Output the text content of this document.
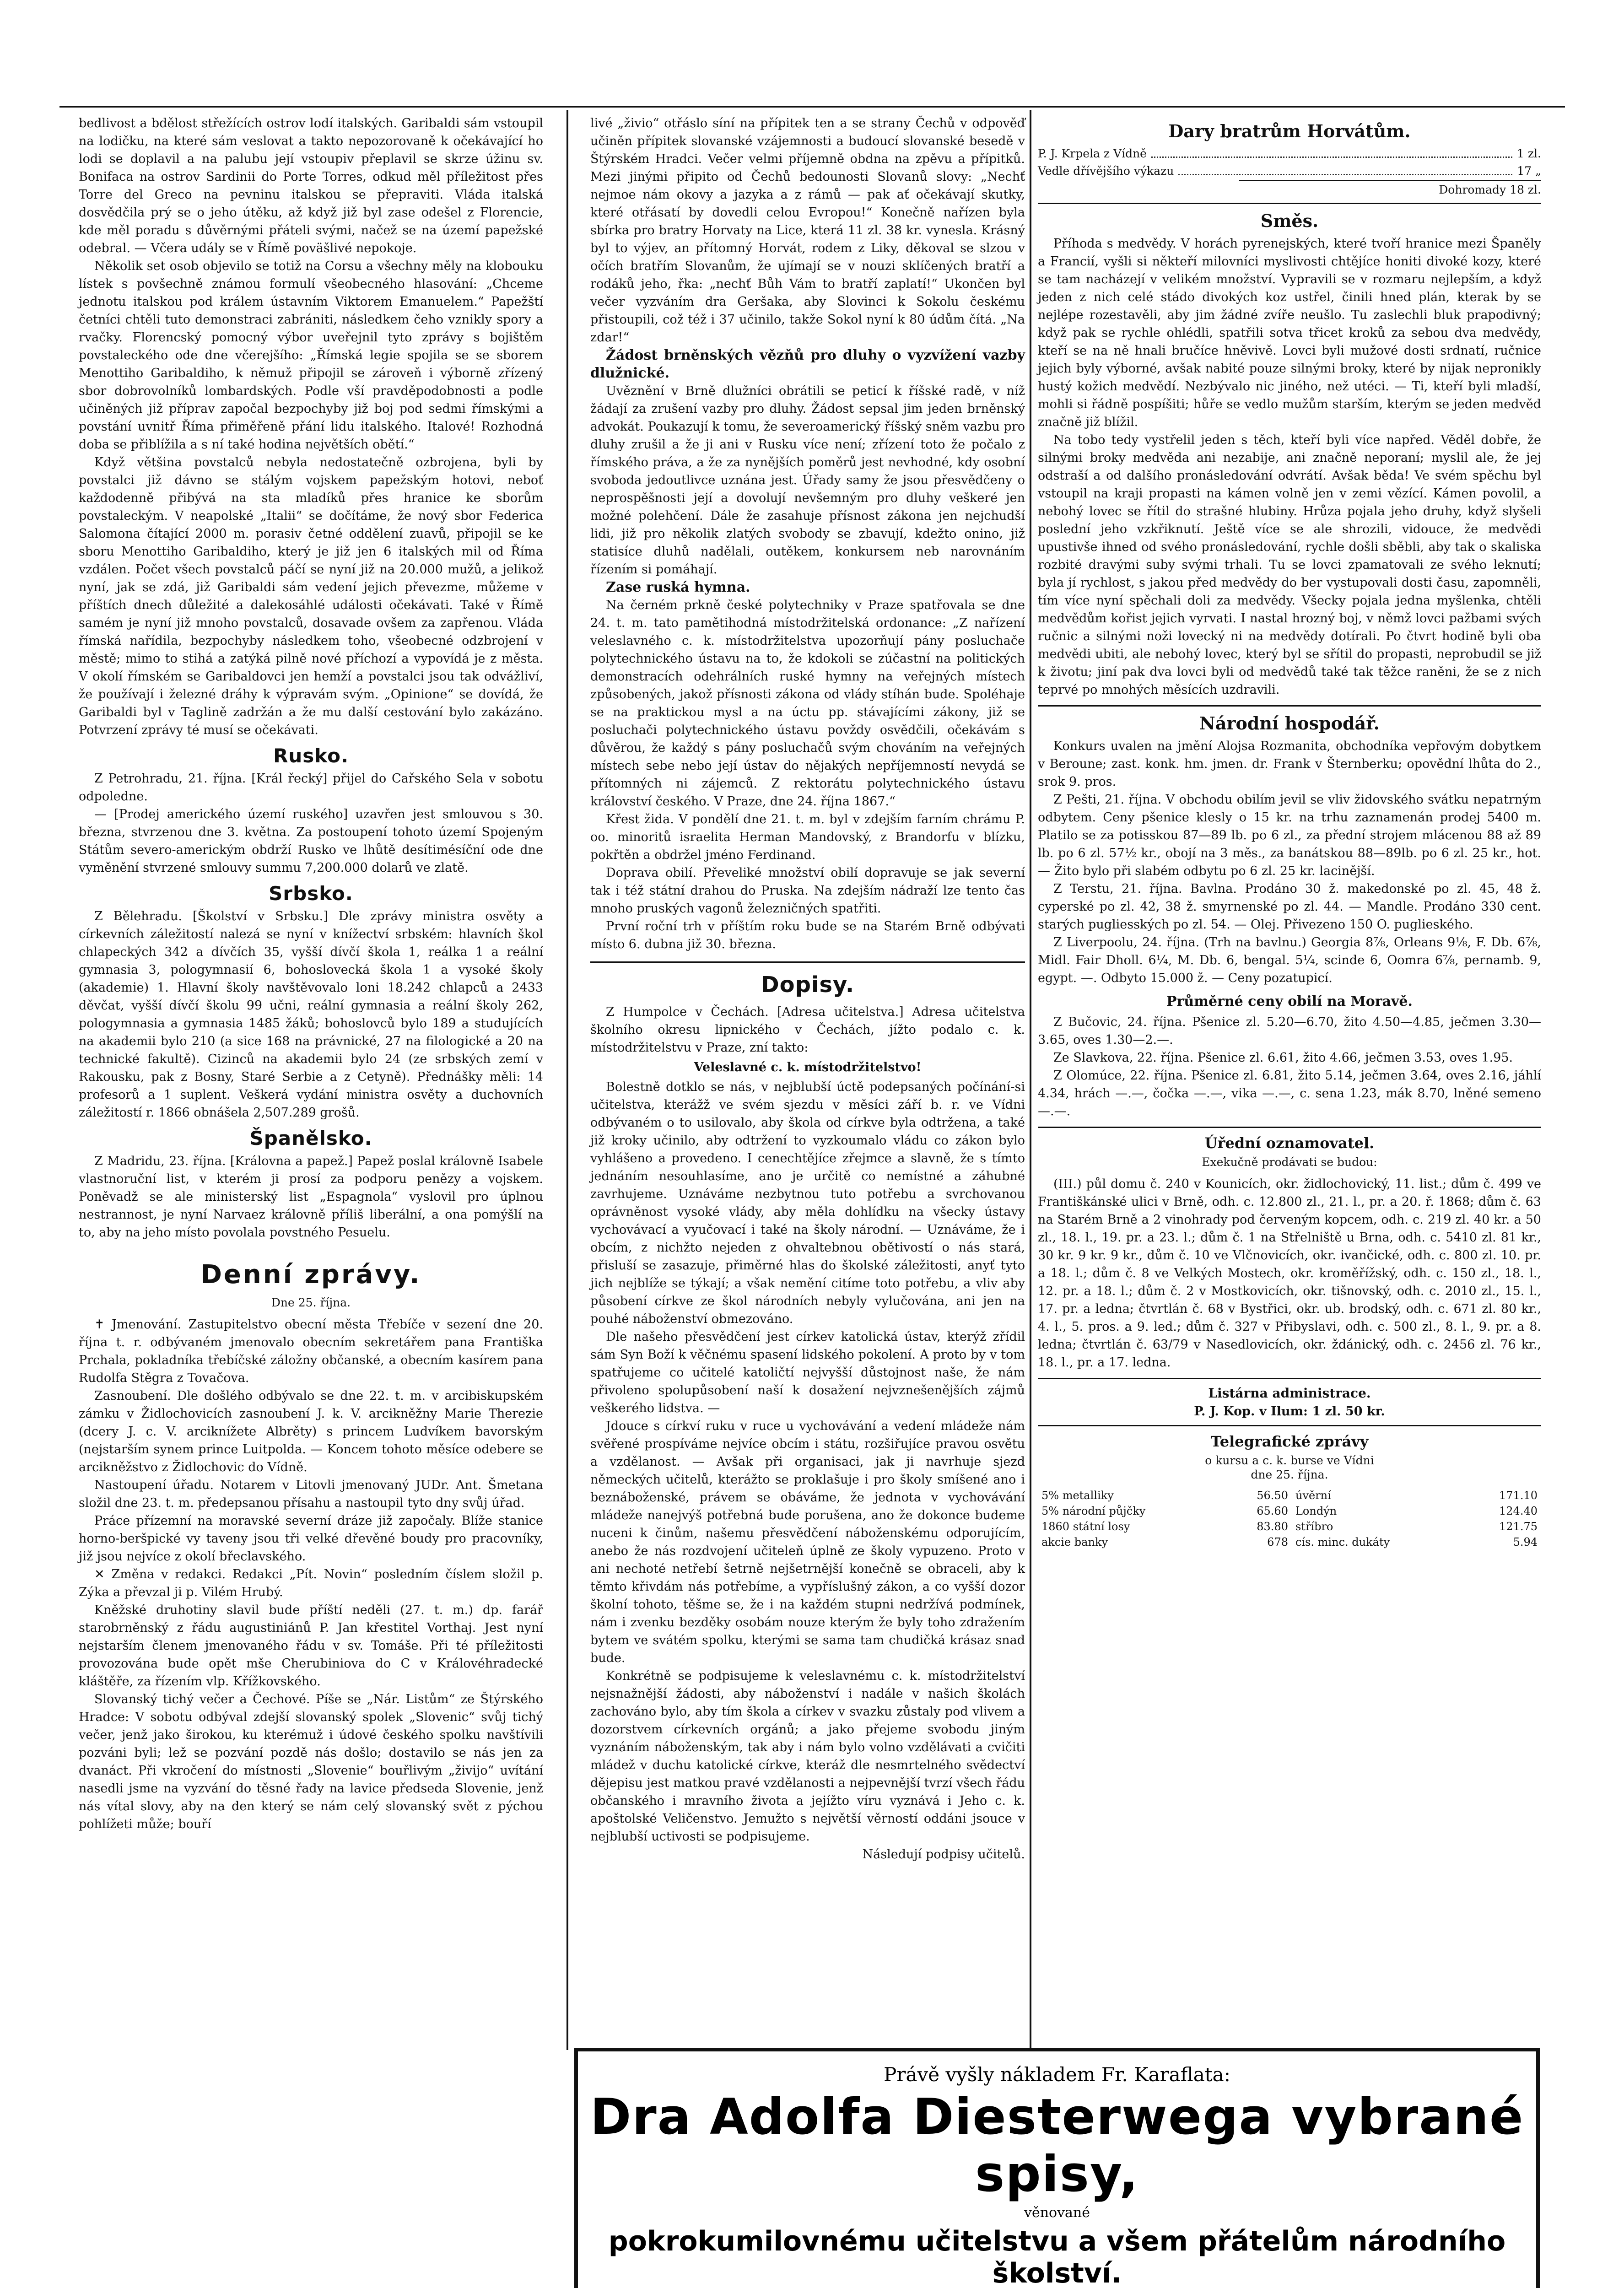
bedlivost a bdělost střežících ostrov lodí italských. Garibaldi sám vstoupil na lodičku, na které sám veslovat a takto nepozorovaně k očekávající ho lodi se doplavil a na palubu její vstoupiv přeplavil se skrze úžinu sv. Bonifaca na ostrov Sardinii do Porte Torres, odkud měl příležitost přes Torre del Greco na pevninu italskou se přepraviti. Vláda italská dosvědčila prý se o jeho útěku, až když již byl zase odešel z Florencie, kde měl poradu s důvěrnými přáteli svými, načež se na území papežské odebral. — Včera udály se v Římě poväšlivé nepokoje.

Několik set osob objevilo se totiž na Corsu a všechny měly na klobouku lístek s povšechně známou formulí všeobecného hlasování: „Chceme jednotu italskou pod králem ústavním Viktorem Emanuelem.“ Papežští četníci chtěli tuto demonstraci zabrániti, následkem čeho vznikly spory a rvačky. Florencský pomocný výbor uveřejnil tyto zprávy s bojištěm povstaleckého ode dne včerejšího: „Římská legie spojila se se sborem Menottiho Garibaldiho, k němuž připojil se zároveň i výborně zřízený sbor dobrovolníků lombardských. Podle vší pravděpodobnosti a podle učiněných již příprav započal bezpochyby již boj pod sedmi římskými a povstání uvnitř Říma přiměřeně přání lidu italského. Italové! Rozhodná doba se přiblížila a s ní také hodina největších obětí.“

Když většina povstalců nebyla nedostatečně ozbrojena, byli by povstalci již dávno se stálým vojskem papežským hotovi, neboť každodenně přibývá na sta mladíků přes hranice ke sborům povstaleckým. V neapolské „Italii“ se dočítáme, že nový sbor Federica Salomona čítající 2000 m. porasiv četné oddělení zuavů, připojil se ke sboru Menottiho Garibaldiho, který je již jen 6 italských mil od Říma vzdálen. Počet všech povstalců páčí se nyní již na 20.000 mužů, a jelikož nyní, jak se zdá, již Garibaldi sám vedení jejich převezme, můžeme v příštích dnech důležité a dalekosáhlé události očekávati. Také v Římě samém je nyní již mnoho povstalců, dosavade ovšem za zapřenou. Vláda římská nařídila, bezpochyby následkem toho, všeobecné odzbrojení v městě; mimo to stihá a zatýká pilně nové příchozí a vypovídá je z města. V okolí římském se Garibaldovci jen hemží a povstalci jsou tak odvážliví, že používají i železné dráhy k výpravám svým. „Opinione“ se dovídá, že Garibaldi byl v Taglině zadržán a že mu další cestování bylo zakázáno. Potvrzení zprávy té musí se očekávati.

Rusko.

Z Petrohradu, 21. října. [Král řecký] přijel do Cařského Sela v sobotu odpoledne.

— [Prodej amerického území ruského] uzavřen jest smlouvou s 30. března, stvrzenou dne 3. května. Za postoupení tohoto území Spojeným Státům severo-americkým obdrží Rusko ve lhůtě desítimésíční ode dne vyměnění stvrzené smlouvy summu 7,200.000 dolarů ve zlatě.

Srbsko.

Z Bělehradu. [Školství v Srbsku.] Dle zprávy ministra osvěty a církevních záležitostí nalezá se nyní v knížectví srbském: hlavních škol chlapeckých 342 a dívčích 35, vyšší dívčí škola 1, reálka 1 a reální gymnasia 3, pologymnasií 6, bohoslovecká škola 1 a vysoké školy (akademie) 1. Hlavní školy navštěvovalo loni 18.242 chlapců a 2433 děvčat, vyšší dívčí školu 99 učni, reální gymnasia a reální školy 262, pologymnasia a gymnasia 1485 žáků; bohoslovců bylo 189 a studujících na akademii bylo 210 (a sice 168 na právnické, 27 na filologické a 20 na technické fakultě). Cizinců na akademii bylo 24 (ze srbských zemí v Rakousku, pak z Bosny, Staré Serbie a z Cetyně). Přednášky měli: 14 profesorů a 1 suplent. Veškerá vydání ministra osvěty a duchovních záležitostí r. 1866 obnášela 2,507.289 grošů.

Španělsko.

Z Madridu, 23. října. [Královna a papež.] Papež poslal královně Isabele vlastnoruční list, v kterém ji prosí za podporu penězy a vojskem. Poněvadž se ale ministerský list „Espagnola“ vyslovil pro úplnou nestrannost, je nyní Narvaez královně příliš liberální, a ona pomýšlí na to, aby na jeho místo povolala povstného Pesuelu.

Denní zprávy.
Dne 25. října.

✝ Jmenování. Zastupitelstvo obecní města Třebíče v sezení dne 20. října t. r. odbývaném jmenovalo obecním sekretářem pana Františka Prchala, pokladníka třebíčské záložny občanské, a obecním kasírem pana Rudolfa Stěgra z Tovačova.

Zasnoubení. Dle došlého odbývalo se dne 22. t. m. v arcibiskupském zámku v Židlochovicích zasnoubení J. k. V. arcikněžny Marie Therezie (dcery J. c. V. arciknížete Albrěty) s princem Ludvíkem bavorským (nejstarším synem prince Luitpolda. — Koncem tohoto měsíce odebere se arcikněžstvo z Židlochovic do Vídně.

Nastoupení úřadu. Notarem v Litovli jmenovaný JUDr. Ant. Šmetana složil dne 23. t. m. předepsanou přísahu a nastoupil tyto dny svůj úřad.

Práce přízemní na moravské severní dráze již započaly. Blíže stanice horno-beršpické vy taveny jsou tři velké dřevěné boudy pro pracovníky, již jsou nejvíce z okolí břeclavského.

✕ Změna v redakci. Redakci „Pít. Novin“ posledním číslem složil p. Zýka a převzal ji p. Vilém Hrubý.

Kněžské druhotiny slavil bude příští neděli (27. t. m.) dp. farář starobrněnský z řádu augustiniánů P. Jan křestitel Vorthaj. Jest nyní nejstarším členem jmenovaného řádu v sv. Tomáše. Při té příležitosti provozována bude opět mše Cherubiniova do C v Královéhradecké kláštěře, za řízením vlp. Křížkovského.

Slovanský tichý večer a Čechové. Píše se „Nár. Listům“ ze Štýrského Hradce: V sobotu odbýval zdejší slovanský spolek „Slovenic“ svůj tichý večer, jenž jako širokou, ku kterémuž i údové českého spolku navštívili pozváni byli; lež se pozvání pozdě nás došlo; dostavilo se nás jen za dvanáct. Při vkročení do místnosti „Slovenie“ bouřlivým „živijo“ uvítání nasedli jsme na vyzvání do těsné řady na lavice předseda Slovenie, jenž nás vítal slovy, aby na den který se nám celý slovanský svět z pýchou pohlížeti může; bouří

livé „živio“ otřáslo síní na přípitek ten a se strany Čechů v odpověď učiněn přípitek slovanské vzájemnosti a budoucí slovanské besedě v Štýrském Hradci. Večer velmi příjemně obdna na zpěvu a přípitků. Mezi jinými připito od Čechů bedounosti Slovanů slovy: „Nechť nejmoe nám okovy a jazyka a z rámů — pak ať očekávají skutky, které otřásatí by dovedli celou Evropou!“ Konečně nařízen byla sbírka pro bratry Horvaty na Lice, která 11 zl. 38 kr. vynesla. Krásný byl to výjev, an přítomný Horvát, rodem z Liky, děkoval se slzou v očích bratřím Slovanům, že ujímají se v nouzi sklíčených bratří a rodáků jeho, řka: „nechť Bůh Vám to bratří zaplatí!“ Ukončen byl večer vyzváním dra Geršaka, aby Slovinci k Sokolu českému přistoupili, což též i 37 učinilo, takže Sokol nyní k 80 údům čítá. „Na zdar!“

Žádost brněnských vězňů pro dluhy o vyzvížení vazby dlužnické.

Uvěznění v Brně dlužníci obrátili se peticí k říšské radě, v níž žádají za zrušení vazby pro dluhy. Žádost sepsal jim jeden brněnský advokát. Poukazují k tomu, že severoamerický říšský sněm vazbu pro dluhy zrušil a že ji ani v Rusku více není; zřízení toto že počalo z římského práva, a že za nynějších poměrů jest nevhodné, kdy osobní svoboda jedoutlivce uznána jest. Úřady samy že jsou přesvědčeny o neprospěšnosti její a dovolují nevšemným pro dluhy veškeré jen možné polehčení. Dále že zasahuje přísnost zákona jen nejchudší lidi, již pro několik zlatých svobody se zbavují, kdežto onino, již statisíce dluhů nadělali, outěkem, konkursem neb narovnáním řízením si pomáhají.

Zase ruská hymna.

Na černém prkně české polytechniky v Praze spatřovala se dne 24. t. m. tato pamětihodná místodržitelská ordonance: „Z nařízení veleslavného c. k. místodržitelstva upozorňují pány posluchače polytechnického ústavu na to, že kdokoli se zúčastní na politických demonstracích odehrálních ruské hymny na veřejných místech způsobených, jakož přísnosti zákona od vlády stíhán bude. Spoléhaje se na praktickou mysl a na úctu pp. stávajícími zákony, již se posluchači polytechnického ústavu povždy osvědčili, očekávám s důvěrou, že každý s pány posluchačů svým chováním na veřejných místech sebe nebo její ústav do nějakých nepříjemností nevydá se přítomných ni zájemců. Z rektorátu polytechnického ústavu království českého. V Praze, dne 24. října 1867.“

Křest žida. V pondělí dne 21. t. m. byl v zdejším farním chrámu P. oo. minoritů israelita Herman Mandovský, z Brandorfu v blízku, pokřtěn a obdržel jméno Ferdinand.

Doprava obilí. Převeliké množství obilí dopravuje se jak severní tak i též státní drahou do Pruska. Na zdejším nádraží lze tento čas mnoho pruských vagonů železničných spatřiti.

První roční trh v příštím roku bude se na Starém Brně odbývati místo 6. dubna již 30. března.

Dopisy.

Z Humpolce v Čechách. [Adresa učitelstva.] Adresa učitelstva školního okresu lipnického v Čechách, jížto podalo c. k. místodržitelstvu v Praze, zní takto:

Veleslavné c. k. místodržitelstvo!

Bolestně dotklo se nás, v nejblubší úctě podepsaných počínání-si učitelstva, kterážž ve svém sjezdu v měsíci září b. r. ve Vídni odbývaném o to usilovalo, aby škola od církve byla odtržena, a také již kroky učinilo, aby odtržení to vyzkoumalo vládu co zákon bylo vyhlášeno a provedeno. I cenechtějíce zřejmce a slavně, že s tímto jednáním nesouhlasíme, ano je určitě co nemístné a záhubné zavrhujeme. Uznáváme nezbytnou tuto potřebu a svrchovanou oprávněnost vysoké vlády, aby měla dohlídku na všecky ústavy vychovávací a vyučovací i také na školy národní. — Uznáváme, že i obcím, z nichžto nejeden z ohvaltebnou obětivostí o nás stará, přisluší se zasazuje, přiměrné hlas do školské záležitosti, anyť tyto jich nejblíže se týkají; a však nemění citíme toto potřebu, a vliv aby působení církve ze škol národních nebyly vylučována, ani jen na pouhé náboženství obmezováno.

Dle našeho přesvědčení jest církev katolická ústav, kterýž zřídil sám Syn Boží k věčnému spasení lidského pokolení. A proto by v tom spatřujeme co učitelé katoličtí nejvyšší důstojnost naše, že nám přivoleno spolupůsobení naší k dosažení nejvznešenějších zájmů veškerého lidstva. —

Jdouce s církví ruku v ruce u vychovávání a vedení mládeže nám svěřené prospíváme nejvíce obcím i státu, rozšiřujíce pravou osvětu a vzdělanost. — Avšak při organisaci, jak ji navrhuje sjezd německých učitelů, kterážto se proklašuje i pro školy smíšené ano i beznáboženské, právem se obáváme, že jednota v vychovávání mládeže nanejvýš potřebná bude porušena, ano že dokonce budeme nuceni k činům, našemu přesvědčení náboženskému odporujícím, anebo že nás rozdvojení učiteleň úplně ze školy vypuzeno. Proto v ani nechoté netřebí šetrně nejšetrnější konečně se obraceli, aby k těmto křivdám nás potřebíme, a vypříslušný zákon, a co vyšší dozor školní tohoto, těšme se, že i na každém stupni nedržívá podmínek, nám i zvenku bezděky osobám nouze kterým že byly toho zdražením bytem ve svátém spolku, kterými se sama tam chudičká krásaz snad bude.

Konkrétně se podpisujeme k veleslavnému c. k. místodržitelství nejsnažnější žádosti, aby náboženství i nadále v našich školách zachováno bylo, aby tím škola a církev v svazku zůstaly pod vlivem a dozorstvem církevních orgánů; a jako přejeme svobodu jiným vyznáním náboženským, tak aby i nám bylo volno vzdělávati a cvičiti mládež v duchu katolické církve, kteráž dle nesmrtelného svědectví dějepisu jest matkou pravé vzdělanosti a nejpevnější tvrzí všech řádu občanského i mravního života a jejížto víru vyznává i Jeho c. k. apoštolské Veličenstvo. Jemužto s největší věrností oddáni jsouce v nejblubší uctivosti se podpisujeme.

Následují podpisy učitelů.

Dary bratrům Horvátům.
P. J. Krpela z Vídně	1 zl.
Vedle dřívějšího výkazu	17 „
Dohromady 18 zl.
Směs.

Příhoda s medvědy. V horách pyrenejských, které tvoří hranice mezi Španěly a Francií, vyšli si někteří milovníci myslivosti chtějíce honiti divoké kozy, které se tam nacházejí v velikém množství. Vypravili se v rozmaru nejlepším, a když jeden z nich celé stádo divokých koz ustřel, činili hned plán, kterak by se nejlépe rozestavěli, aby jim žádné zvíře neušlo. Tu zaslechli bluk prapodivný; když pak se rychle ohlédli, spatřili sotva třicet kroků za sebou dva medvědy, kteří se na ně hnali bručíce hněvivě. Lovci byli mužové dosti srdnatí, ručnice jejich byly výborné, avšak nabité pouze silnými broky, které by nijak nepronikly hustý kožich medvědí. Nezbývalo nic jiného, než utéci. — Ti, kteří byli mladší, mohli si řádně pospíšiti; hůře se vedlo mužům starším, kterým se jeden medvěd značně již blížil.

Na tobo tedy vystřelil jeden s těch, kteří byli více napřed. Věděl dobře, že silnými broky medvěda ani nezabije, ani značně neporaní; myslil ale, že jej odstraší a od dalšího pronásledování odvrátí. Avšak běda! Ve svém spěchu byl vstoupil na kraji propasti na kámen volně jen v zemi vězící. Kámen povolil, a nebohý lovec se řítil do strašné hlubiny. Hrůza pojala jeho druhy, když slyšeli poslední jeho vzkřiknutí. Ještě více se ale shrozili, vidouce, že medvědi upustivše ihned od svého pronásledování, rychle došli sběbli, aby tak o skaliska rozbité dravými suby svými trhali. Tu se lovci zpamatovali ze svého leknutí; byla jí rychlost, s jakou před medvědy do ber vystupovali dosti času, zapomněli, tím více nyní spěchali doli za medvědy. Všecky pojala jedna myšlenka, chtěli medvědům kořist jejich vyrvati. I nastal hrozný boj, v němž lovci pažbami svých ručnic a silnými noži lovecký ni na medvědy dotírali. Po čtvrt hodině byli oba medvědi ubiti, ale nebohý lovec, který byl se sřítil do propasti, neprobudil se již k životu; jiní pak dva lovci byli od medvědů také tak těžce raněni, že se z nich teprvé po mnohých měsících uzdravili.

Národní hospodář.

Konkurs uvalen na jmění Alojsa Rozmanita, obchodníka vepřovým dobytkem v Beroune; zast. konk. hm. jmen. dr. Frank v Šternberku; opovědní lhůta do 2., srok 9. pros.

Z Pešti, 21. října. V obchodu obilím jevil se vliv židovského svátku nepatrným odbytem. Ceny pšenice klesly o 15 kr. na trhu zaznamenán prodej 5400 m. Platilo se za potisskou 87—89 lb. po 6 zl., za přední strojem mlácenou 88 až 89 lb. po 6 zl. 57½ kr., obojí na 3 měs., za banátskou 88—89lb. po 6 zl. 25 kr., hot. — Žito bylo při slabém odbytu po 6 zl. 25 kr. lacinější.

Z Terstu, 21. října. Bavlna. Prodáno 30 ž. makedonské po zl. 45, 48 ž. cyperské po zl. 42, 38 ž. smyrnenské po zl. 44. — Mandle. Prodáno 330 cent. starých pugliesských po zl. 54. — Olej. Přivezeno 150 O. puglieského.

Z Liverpoolu, 24. října. (Trh na bavlnu.) Georgia 8⅞, Orleans 9⅛, F. Db. 6⅞, Midl. Fair Dholl. 6¼, M. Db. 6, bengal. 5¼, scinde 6, Oomra 6⅞, pernamb. 9, egypt. —. Odbyto 15.000 ž. — Ceny pozatupicí.

Průměrné ceny obilí na Moravě.

Z Bučovic, 24. října. Pšenice zl. 5.20—6.70, žito 4.50—4.85, ječmen 3.30—3.65, oves 1.30—2.—.

Ze Slavkova, 22. října. Pšenice zl. 6.61, žito 4.66, ječmen 3.53, oves 1.95.

Z Olomúce, 22. října. Pšenice zl. 6.81, žito 5.14, ječmen 3.64, oves 2.16, jáhlí 4.34, hrách —.—, čočka —.—, vika —.—, c. sena 1.23, mák 8.70, lněné semeno —.—.

Úřední oznamovatel.
Exekučně prodávati se budou:

(III.) půl domu č. 240 v Kounicích, okr. židlochovický, 11. list.; dům č. 499 ve Františkánské ulici v Brně, odh. c. 12.800 zl., 21. l., pr. a 20. ř. 1868; dům č. 63 na Starém Brně a 2 vinohrady pod červeným kopcem, odh. c. 219 zl. 40 kr. a 50 zl., 18. l., 19. pr. a 23. l.; dům č. 1 na Střelniště u Brna, odh. c. 5410 zl. 81 kr., 30 kr. 9 kr. 9 kr., dům č. 10 ve Vlčnovicích, okr. ivančické, odh. c. 800 zl. 10. pr. a 18. l.; dům č. 8 ve Velkých Mostech, okr. kroměřížský, odh. c. 150 zl., 18. l., 12. pr. a 18. l.; dům č. 2 v Mostkovicích, okr. tišnovský, odh. c. 2010 zl., 15. l., 17. pr. a ledna; čtvrtlán č. 68 v Bystřici, okr. ub. brodský, odh. c. 671 zl. 80 kr., 4. l., 5. pros. a 9. led.; dům č. 327 v Přibyslavi, odh. c. 500 zl., 8. l., 9. pr. a 8. ledna; čtvrtlán č. 63/79 v Nasedlovicích, okr. ždánický, odh. c. 2456 zl. 76 kr., 18. l., pr. a 17. ledna.

Listárna administrace.
P. J. Kop. v Ilum: 1 zl. 50 kr.
Telegrafické zprávy
o kursu a c. k. burse ve Vídni
dne 25. října.
5% metalliky	56.50	úvěrní	171.10
5% národní půjčky	65.60	Londýn	124.40
1860 státní losy	83.80	stříbro	121.75
akcie banky	678	cís. minc. dukáty	5.94
Právě vyšly nákladem Fr. Karaflata:
Dra Adolfa Diesterwega vybrané spisy,
věnované
pokrokumilovnému učitelstvu a všem přátelům národního školství.
